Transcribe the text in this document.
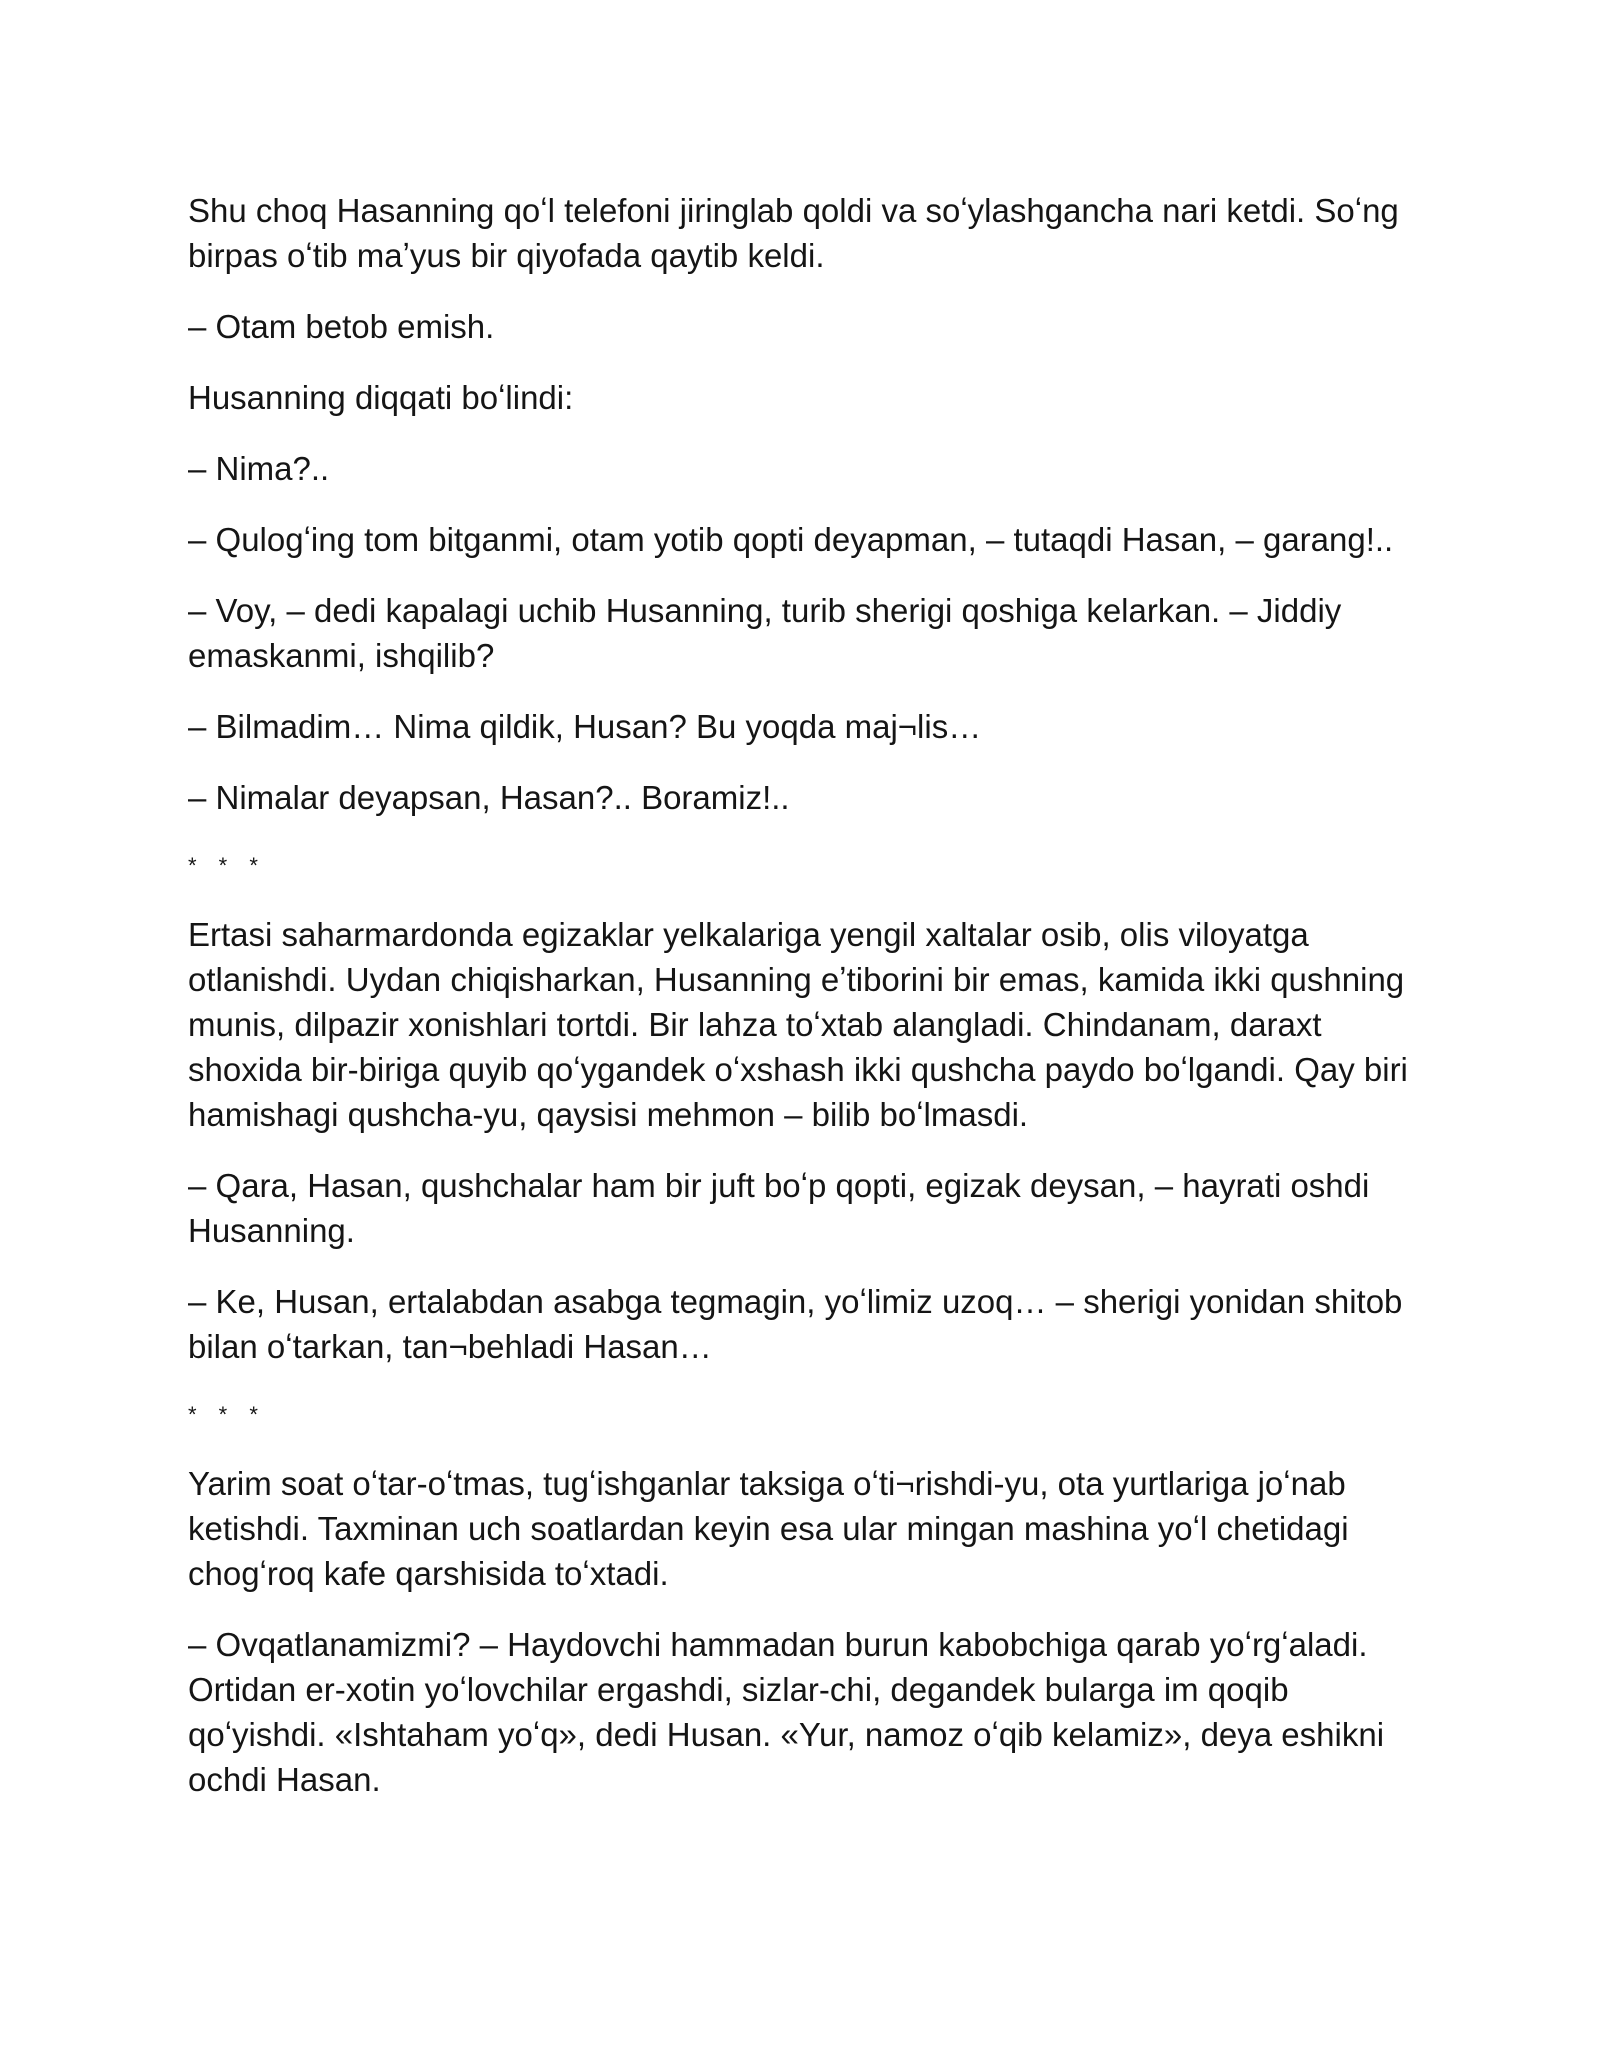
Shu choq Hasanning qoʻl telefoni jiringlab qoldi va soʻylashgancha nari ketdi. Soʻng birpas oʻtib maʼyus bir qiyofada qaytib keldi.

– Otam betob emish.

Husanning diqqati boʻlindi:

– Nima?..

– Qulogʻing tom bitganmi, otam yotib qopti deyapman, – tutaqdi Hasan, – garang!..

– Voy, – dedi kapalagi uchib Husanning, turib sherigi qoshiga kelarkan. – Jiddiy emaskanmi, ishqilib?

– Bilmadim… Nima qildik, Husan? Bu yoqda maj¬lis…

– Nimalar deyapsan, Hasan?.. Boramiz!..

* * *

Ertasi saharmardonda egizaklar yelkalariga yengil xaltalar osib, olis viloyatga otlanishdi. Uydan chiqisharkan, Husanning eʼtiborini bir emas, kamida ikki qushning munis, dilpazir xonishlari tortdi. Bir lahza toʻxtab alangladi. Chindanam, daraxt shoxida bir-biriga quyib qoʻygandek oʻxshash ikki qushcha paydo boʻlgandi. Qay biri hamishagi qushcha-yu, qaysisi mehmon – bilib boʻlmasdi.

– Qara, Hasan, qushchalar ham bir juft boʻp qopti, egizak deysan, – hayrati oshdi Husanning.

– Ke, Husan, ertalabdan asabga tegmagin, yoʻlimiz uzoq… – sherigi yonidan shitob bilan oʻtarkan, tan¬behladi Hasan…

* * *

Yarim soat oʻtar-oʻtmas, tugʻishganlar taksiga oʻti¬rishdi-yu, ota yurtlariga joʻnab ketishdi. Taxminan uch soatlardan keyin esa ular mingan mashina yoʻl chetidagi chogʻroq kafe qarshisida toʻxtadi.

– Ovqatlanamizmi? – Haydovchi hammadan burun kabobchiga qarab yoʻrgʻaladi. Ortidan er-xotin yoʻlovchilar ergashdi, sizlar-chi, degandek bularga im qoqib qoʻyishdi. «Ishtaham yoʻq», dedi Husan. «Yur, namoz oʻqib kelamiz», deya eshikni ochdi Hasan.
